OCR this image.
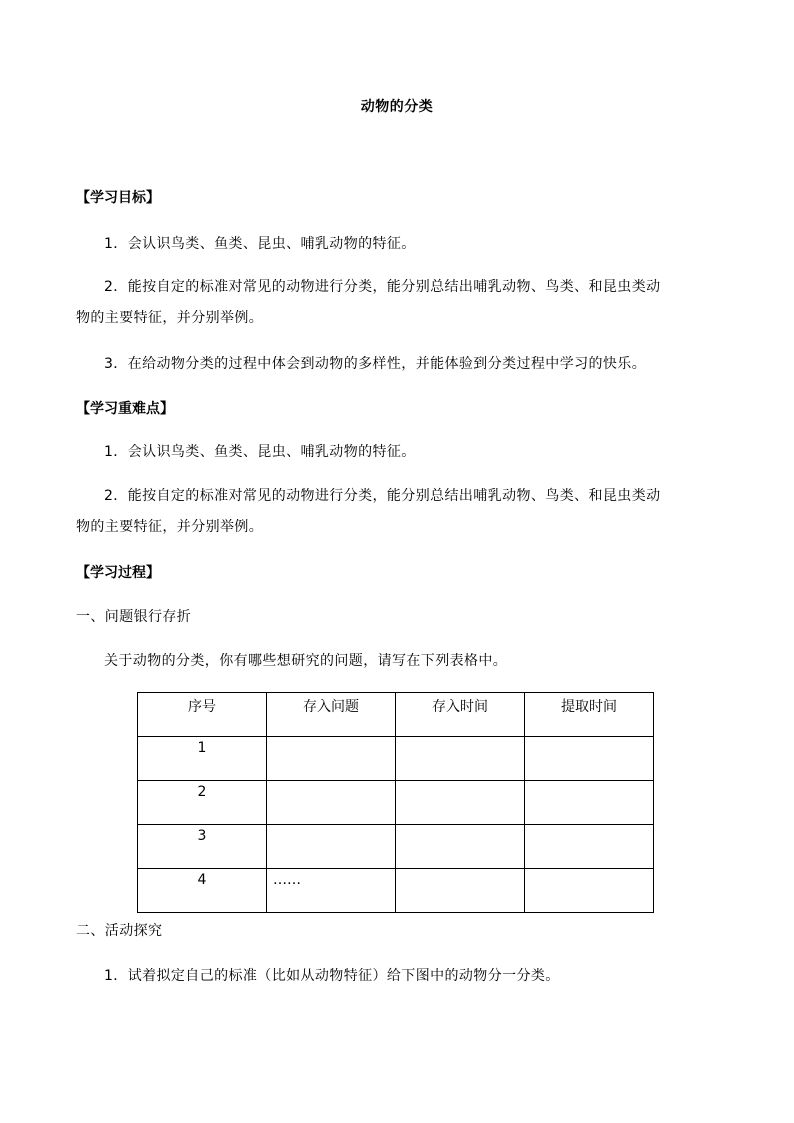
动物的分类
【学习目标】
1．会认识鸟类、鱼类、昆虫、哺乳动物的特征。
2．能按自定的标准对常见的动物进行分类，能分别总结出哺乳动物、鸟类、和昆虫类动
物的主要特征，并分别举例。
3．在给动物分类的过程中体会到动物的多样性，并能体验到分类过程中学习的快乐。
【学习重难点】
1．会认识鸟类、鱼类、昆虫、哺乳动物的特征。
2．能按自定的标准对常见的动物进行分类，能分别总结出哺乳动物、鸟类、和昆虫类动
物的主要特征，并分别举例。
【学习过程】
一、问题银行存折
关于动物的分类，你有哪些想研究的问题，请写在下列表格中。
序号	存入问题	存入时间	提取时间
1			
2			
3			
4	……		
二、活动探究
1．试着拟定自己的标准（比如从动物特征）给下图中的动物分一分类。
